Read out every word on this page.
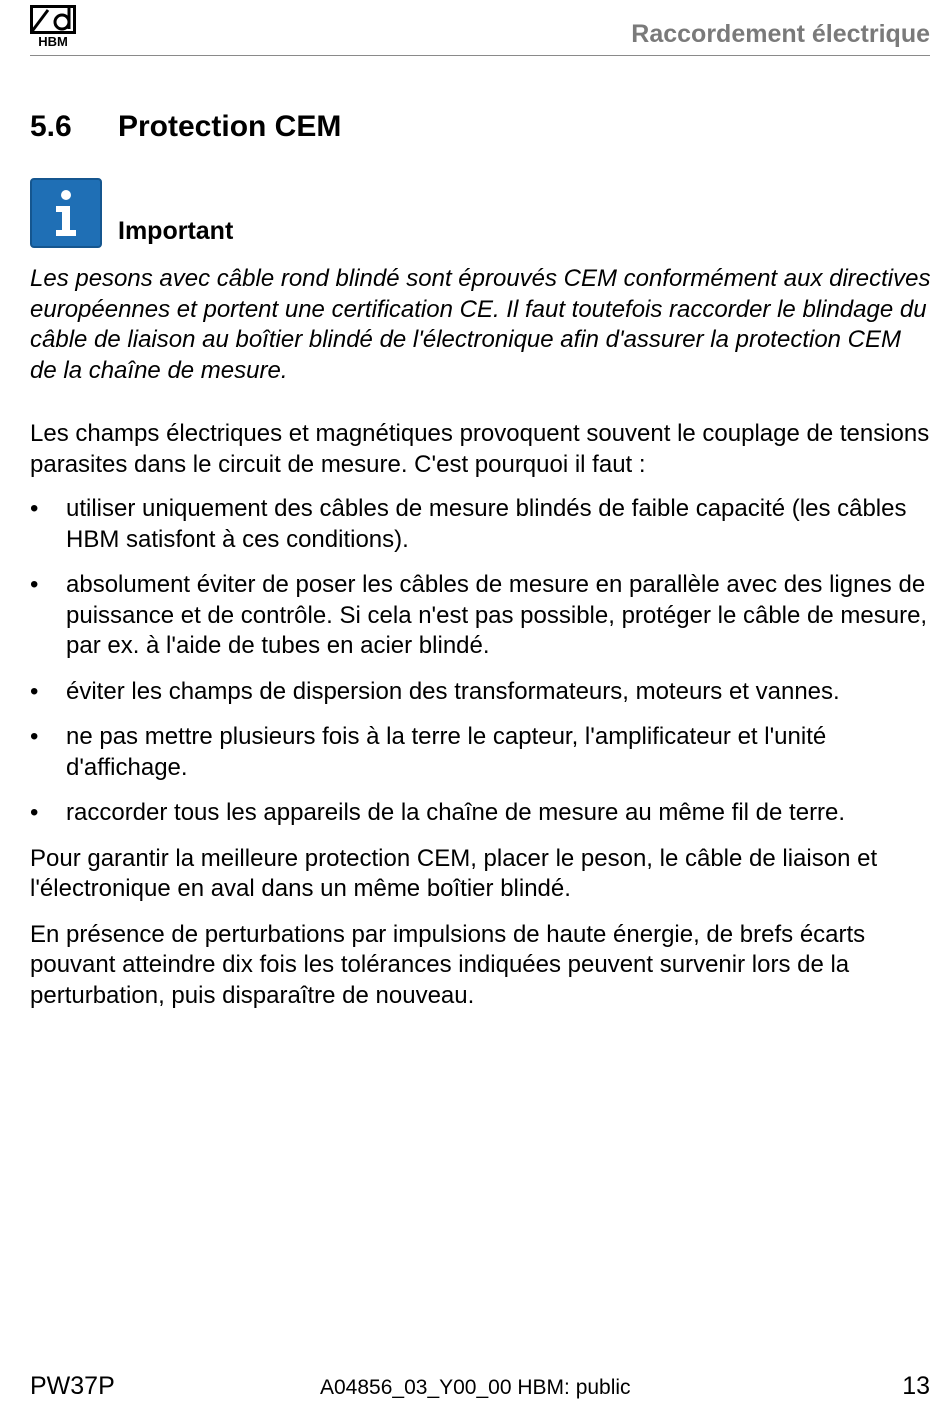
HBM	Raccordement électrique
5.6 Protection CEM
Important

Les pesons avec câble rond blindé sont éprouvés CEM conformément aux directives européennes et portent une certification CE. Il faut toutefois raccorder le blindage du câble de liaison au boîtier blindé de l'électronique afin d'assurer la protection CEM de la chaîne de mesure.

Les champs électriques et magnétiques provoquent souvent le couplage de tensions parasites dans le circuit de mesure. C'est pourquoi il faut :

• utiliser uniquement des câbles de mesure blindés de faible capacité (les câbles HBM satisfont à ces conditions).
• absolument éviter de poser les câbles de mesure en parallèle avec des lignes de puissance et de contrôle. Si cela n'est pas possible, protéger le câble de mesure, par ex. à l'aide de tubes en acier blindé.
• éviter les champs de dispersion des transformateurs, moteurs et vannes.
• ne pas mettre plusieurs fois à la terre le capteur, l'amplificateur et l'unité d'affichage.
• raccorder tous les appareils de la chaîne de mesure au même fil de terre.

Pour garantir la meilleure protection CEM, placer le peson, le câble de liaison et l'électronique en aval dans un même boîtier blindé.

En présence de perturbations par impulsions de haute énergie, de brefs écarts pouvant atteindre dix fois les tolérances indiquées peuvent survenir lors de la perturbation, puis disparaître de nouveau.

PW37P	A04856_03_Y00_00 HBM: public	13
